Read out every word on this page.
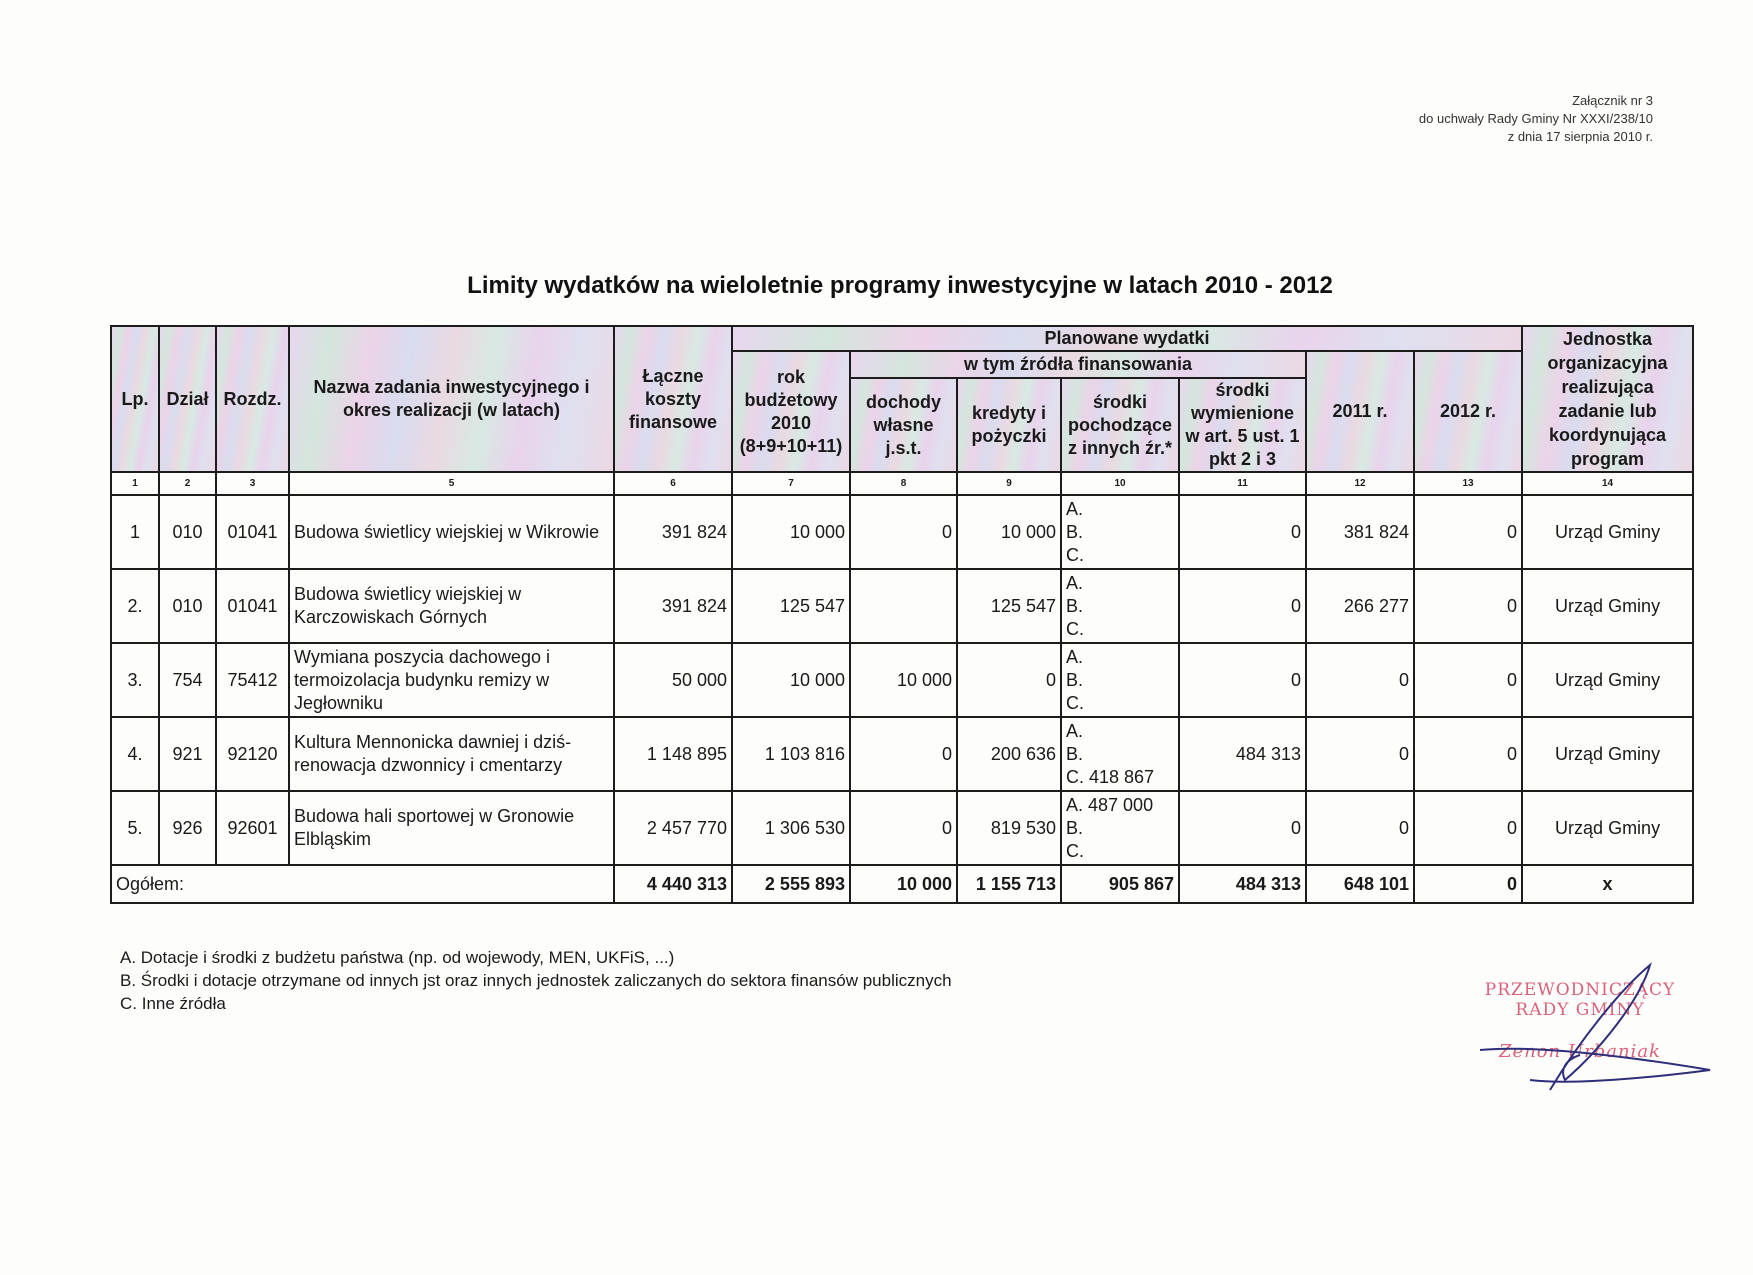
Załącznik nr 3
do uchwały Rady Gminy Nr XXXI/238/10
z dnia 17 sierpnia 2010 r.
Limity wydatków na wieloletnie programy inwestycyjne w latach 2010 - 2012
Lp.	Dział	Rozdz.	Nazwa zadania inwestycyjnego i okres realizacji (w latach)	Łączne koszty finansowe	Planowane wydatki							Jednostka organizacyjna realizująca zadanie lub koordynująca program
					rok budżetowy 2010 (8+9+10+11)	w tym źródła finansowania				2011 r.	2012 r.	
						dochody własne j.s.t.	kredyty i pożyczki	środki pochodzące z innych źr.*	środki wymienione w art. 5 ust. 1 pkt 2 i 3			
1	2	3	5	6	7	8	9	10	11	12	13	14
1	010	01041	Budowa świetlicy wiejskiej w Wikrowie	391 824	10 000	0	10 000	A.
B.
C.	0	381 824	0	Urząd Gminy
2.	010	01041	Budowa świetlicy wiejskiej w Karczowiskach Górnych	391 824	125 547		125 547	A.
B.
C.	0	266 277	0	Urząd Gminy
3.	754	75412	Wymiana poszycia dachowego i termoizolacja budynku remizy w Jegłowniku	50 000	10 000	10 000	0	A.
B.
C.	0	0	0	Urząd Gminy
4.	921	92120	Kultura Mennonicka dawniej i dziś- renowacja dzwonnicy i cmentarzy	1 148 895	1 103 816	0	200 636	A.
B.
C. 418 867	484 313	0	0	Urząd Gminy
5.	926	92601	Budowa hali sportowej w Gronowie Elbląskim	2 457 770	1 306 530	0	819 530	A. 487 000
B.
C.	0	0	0	Urząd Gminy
Ogółem:				4 440 313	2 555 893	10 000	1 155 713	905 867	484 313	648 101	0	x
A. Dotacje i środki z budżetu państwa (np. od wojewody, MEN, UKFiS, ...)
B. Środki i dotacje otrzymane od innych jst oraz innych jednostek zaliczanych do sektora finansów publicznych
C. Inne źródła
PRZEWODNICZĄCY
RADY GMINY
Zenon Urbaniak
